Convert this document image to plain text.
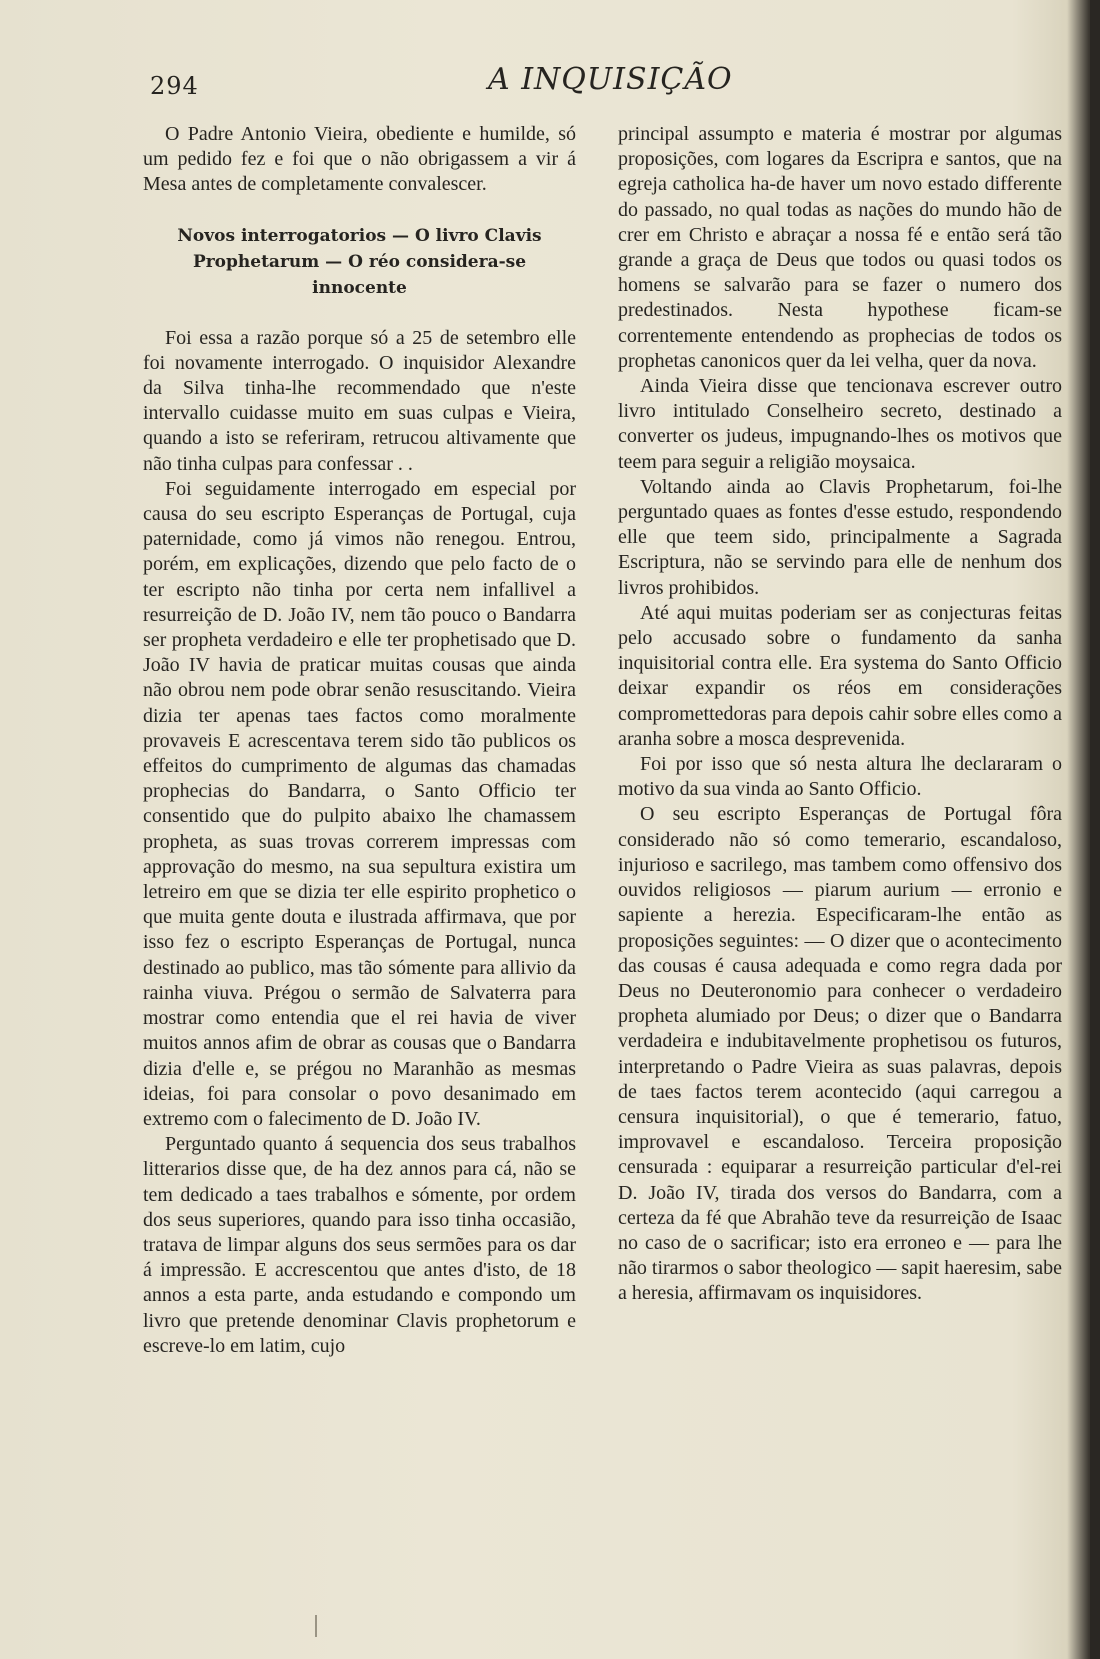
294	A INQUISIÇÃO

O Padre Antonio Vieira, obediente e humilde, só um pedido fez e foi que o não obrigassem a vir á Mesa antes de completamente convalescer.

Novos interrogatorios — O livro Clavis Prophetarum — O réo considera-se innocente

Foi essa a razão porque só a 25 de setembro elle foi novamente interrogado. O inquisidor Alexandre da Silva tinha-lhe recommendado que n'este intervallo cuidasse muito em suas culpas e Vieira, quando a isto se referiram, retrucou altivamente que não tinha culpas para confessar . .

Foi seguidamente interrogado em especial por causa do seu escripto Esperanças de Portugal, cuja paternidade, como já vimos não renegou. Entrou, porém, em explicações, dizendo que pelo facto de o ter escripto não tinha por certa nem infallivel a resurreição de D. João IV, nem tão pouco o Bandarra ser propheta verdadeiro e elle ter prophetisado que D. João IV havia de praticar muitas cousas que ainda não obrou nem pode obrar senão resuscitando. Vieira dizia ter apenas taes factos como moralmente provaveis E acrescentava terem sido tão publicos os effeitos do cumprimento de algumas das chamadas prophecias do Bandarra, o Santo Officio ter consentido que do pulpito abaixo lhe chamassem propheta, as suas trovas correrem impressas com approvação do mesmo, na sua sepultura existira um letreiro em que se dizia ter elle espirito prophetico o que muita gente douta e ilustrada affirmava, que por isso fez o escripto Esperanças de Portugal, nunca destinado ao publico, mas tão sómente para allivio da rainha viuva. Prégou o sermão de Salvaterra para mostrar como entendia que el rei havia de viver muitos annos afim de obrar as cousas que o Bandarra dizia d'elle e, se prégou no Maranhão as mesmas ideias, foi para consolar o povo desanimado em extremo com o falecimento de D. João IV.

Perguntado quanto á sequencia dos seus trabalhos litterarios disse que, de ha dez annos para cá, não se tem dedicado a taes trabalhos e sómente, por ordem dos seus superiores, quando para isso tinha occasião, tratava de limpar alguns dos seus sermões para os dar á impressão. E accrescentou que antes d'isto, de 18 annos a esta parte, anda estudando e compondo um livro que pretende denominar Clavis prophetorum e escreve-lo em latim, cujo

principal assumpto e materia é mostrar por algumas proposições, com logares da Escripra e santos, que na egreja catholica ha-de haver um novo estado differente do passado, no qual todas as nações do mundo hão de crer em Christo e abraçar a nossa fé e então será tão grande a graça de Deus que todos ou quasi todos os homens se salvarão para se fazer o numero dos predestinados. Nesta hypothese ficam-se correntemente entendendo as prophecias de todos os prophetas canonicos quer da lei velha, quer da nova.

Ainda Vieira disse que tencionava escrever outro livro intitulado Conselheiro secreto, destinado a converter os judeus, impugnando-lhes os motivos que teem para seguir a religião moysaica.

Voltando ainda ao Clavis Prophetarum, foi-lhe perguntado quaes as fontes d'esse estudo, respondendo elle que teem sido, principalmente a Sagrada Escriptura, não se servindo para elle de nenhum dos livros prohibidos.

Até aqui muitas poderiam ser as conjecturas feitas pelo accusado sobre o fundamento da sanha inquisitorial contra elle. Era systema do Santo Officio deixar expandir os réos em considerações compromettedoras para depois cahir sobre elles como a aranha sobre a mosca desprevenida.

Foi por isso que só nesta altura lhe declararam o motivo da sua vinda ao Santo Officio.

O seu escripto Esperanças de Portugal fôra considerado não só como temerario, escandaloso, injurioso e sacrilego, mas tambem como offensivo dos ouvidos religiosos — piarum aurium — erronio e sapiente a herezia. Especificaram-lhe então as proposições seguintes: — O dizer que o acontecimento das cousas é causa adequada e como regra dada por Deus no Deuteronomio para conhecer o verdadeiro propheta alumiado por Deus; o dizer que o Bandarra verdadeira e indubitavelmente prophetisou os futuros, interpretando o Padre Vieira as suas palavras, depois de taes factos terem acontecido (aqui carregou a censura inquisitorial), o que é temerario, fatuo, improvavel e escandaloso. Terceira proposição censurada : equiparar a resurreição particular d'el-rei D. João IV, tirada dos versos do Bandarra, com a certeza da fé que Abrahão teve da resurreição de Isaac no caso de o sacrificar; isto era erroneo e — para lhe não tirarmos o sabor theologico — sapit haeresim, sabe a heresia, affirmavam os inquisidores.
